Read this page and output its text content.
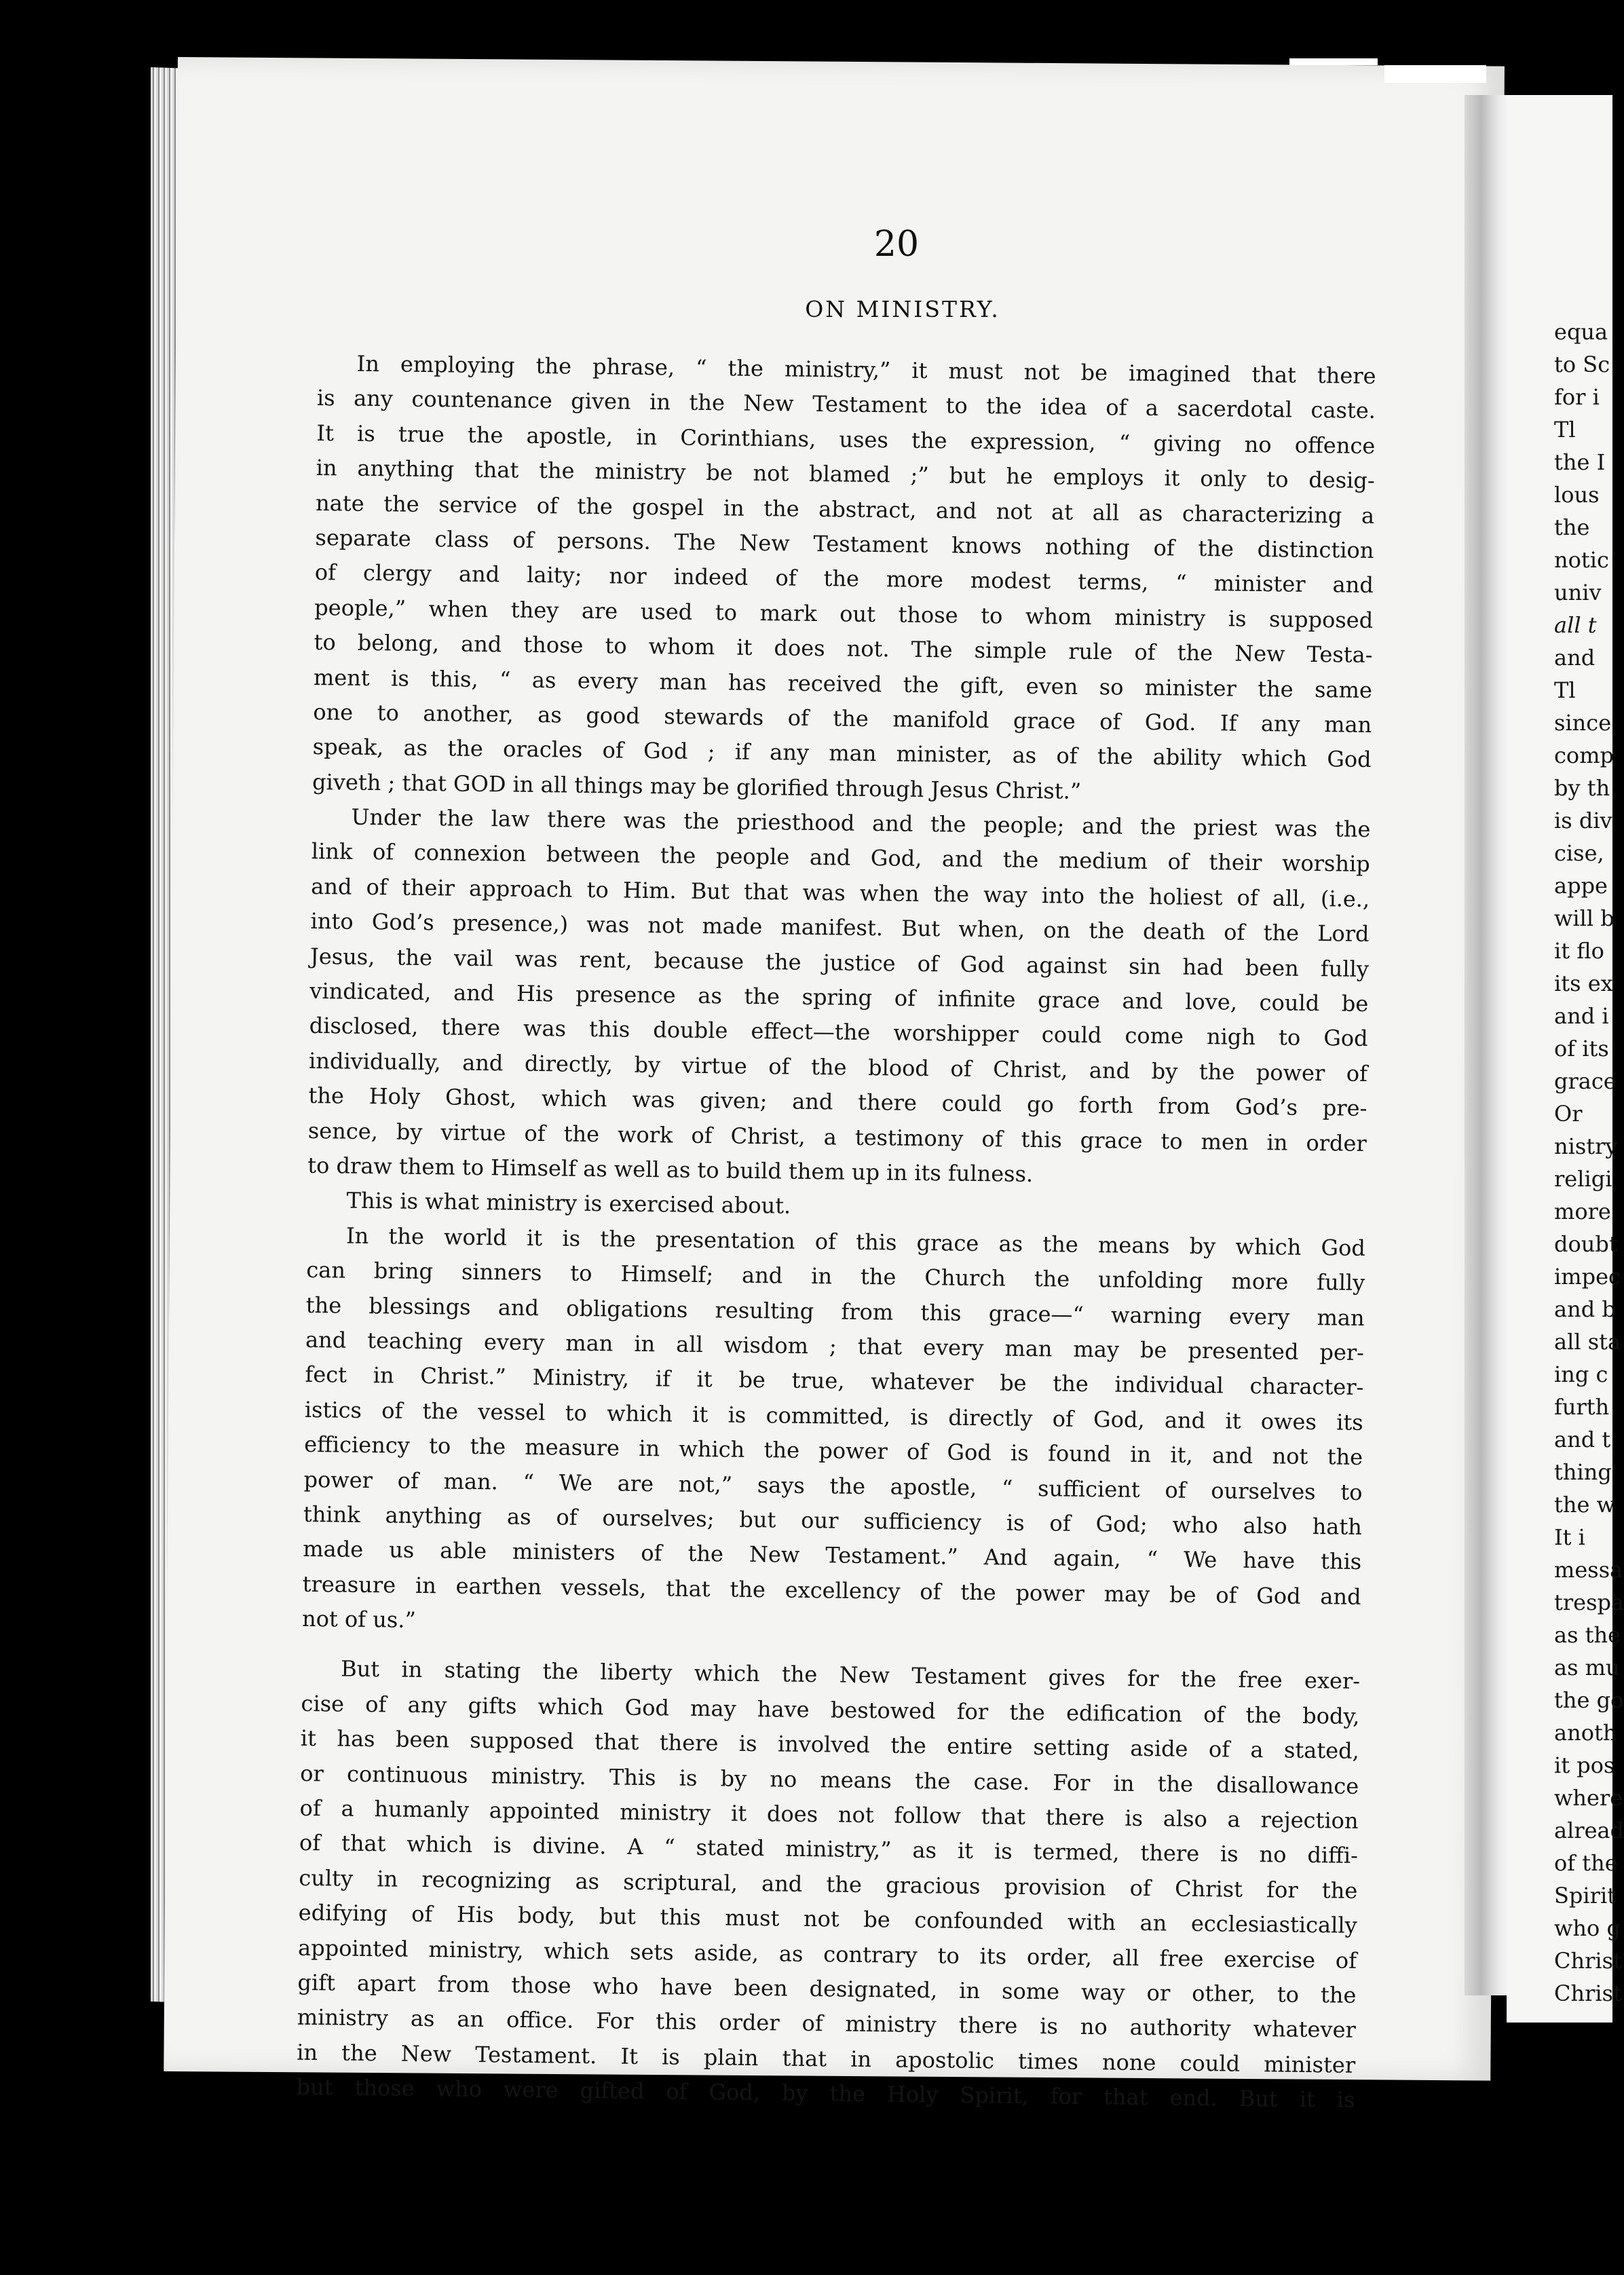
20
ON MINISTRY.
In employing the phrase, “ the ministry,” it must not be imagined that there
is any countenance given in the New Testament to the idea of a sacerdotal caste.
It is true the apostle, in Corinthians, uses the expression, “ giving no offence
in anything that the ministry be not blamed ;” but he employs it only to desig-
nate the service of the gospel in the abstract, and not at all as characterizing a
separate class of persons. The New Testament knows nothing of the distinction
of clergy and laity; nor indeed of the more modest terms, “ minister and
people,” when they are used to mark out those to whom ministry is supposed
to belong, and those to whom it does not. The simple rule of the New Testa-
ment is this, “ as every man has received the gift, even so minister the same
one to another, as good stewards of the manifold grace of God. If any man
speak, as the oracles of God ; if any man minister, as of the ability which God
giveth ; that GOD in all things may be glorified through Jesus Christ.”
Under the law there was the priesthood and the people; and the priest was the
link of connexion between the people and God, and the medium of their worship
and of their approach to Him. But that was when the way into the holiest of all, (i.e.,
into God’s presence,) was not made manifest. But when, on the death of the Lord
Jesus, the vail was rent, because the justice of God against sin had been fully
vindicated, and His presence as the spring of infinite grace and love, could be
disclosed, there was this double effect—the worshipper could come nigh to God
individually, and directly, by virtue of the blood of Christ, and by the power of
the Holy Ghost, which was given; and there could go forth from God’s pre-
sence, by virtue of the work of Christ, a testimony of this grace to men in order
to draw them to Himself as well as to build them up in its fulness.
This is what ministry is exercised about.
In the world it is the presentation of this grace as the means by which God
can bring sinners to Himself; and in the Church the unfolding more fully
the blessings and obligations resulting from this grace—“ warning every man
and teaching every man in all wisdom ; that every man may be presented per-
fect in Christ.” Ministry, if it be true, whatever be the individual character-
istics of the vessel to which it is committed, is directly of God, and it owes its
efficiency to the measure in which the power of God is found in it, and not the
power of man. “ We are not,” says the apostle, “ sufficient of ourselves to
think anything as of ourselves; but our sufficiency is of God; who also hath
made us able ministers of the New Testament.” And again, “ We have this
treasure in earthen vessels, that the excellency of the power may be of God and
not of us.”
But in stating the liberty which the New Testament gives for the free exer-
cise of any gifts which God may have bestowed for the edification of the body,
it has been supposed that there is involved the entire setting aside of a stated,
or continuous ministry. This is by no means the case. For in the disallowance
of a humanly appointed ministry it does not follow that there is also a rejection
of that which is divine. A “ stated ministry,” as it is termed, there is no diffi-
culty in recognizing as scriptural, and the gracious provision of Christ for the
edifying of His body, but this must not be confounded with an ecclesiastically
appointed ministry, which sets aside, as contrary to its order, all free exercise of
gift apart from those who have been designated, in some way or other, to the
ministry as an office. For this order of ministry there is no authority whatever
in the New Testament. It is plain that in apostolic times none could minister
but those who were gifted of God, by the Holy Spirit, for that end. But it is
equa
to Sc
for i
Tl
the I
lous
the
notic
univ
all t
and
Tl
since
comp
by th
is div
cise,
appe
will b
it flo
its ex
and i
of its
grace
Or
nistry
religi
more
doubt
impec
and b
all sta
ing c
furth
and t
thing
the w
It i
messa
trespa
as the
as mu
the go
anoth
it pos
where
alread
of the
Spirit
who g
Christ
Christ
